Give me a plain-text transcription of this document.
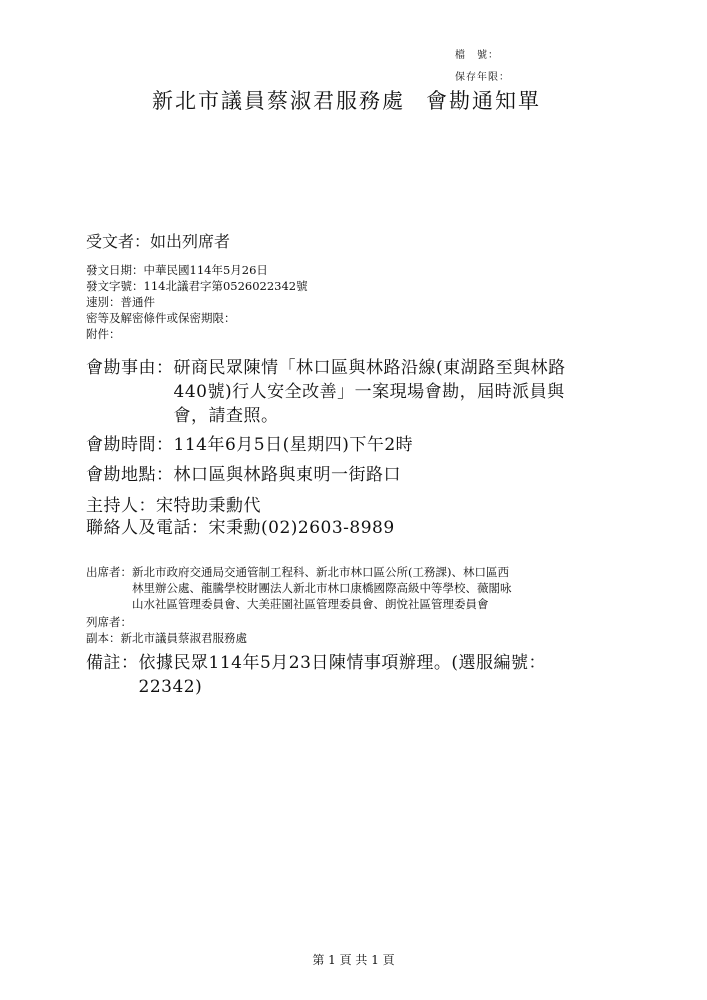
檔　號：
保存年限：
新北市議員蔡淑君服務處 會勘通知單
受文者：如出列席者
發文日期：中華民國114年5月26日
發文字號：114北議君字第0526022342號
速別：普通件
密等及解密條件或保密期限：
附件：
會勘事由： 研商民眾陳情「林口區與林路沿線(東湖路至與林路
440號)行人安全改善」一案現場會勘，屆時派員與
會，請查照。
會勘時間：114年6月5日(星期四)下午2時
會勘地點：林口區與林路與東明一街路口
主持人：宋特助秉勳代
聯絡人及電話：宋秉勳(02)2603-8989
出席者： 新北市政府交通局交通管制工程科、新北市林口區公所(工務課)、林口區西
林里辦公處、龍騰學校財團法人新北市林口康橋國際高級中等學校、薇閣咏
山水社區管理委員會、大美莊園社區管理委員會、朗悅社區管理委員會
列席者：
副本：新北市議員蔡淑君服務處
備註： 依據民眾114年5月23日陳情事項辦理。(選服編號：
22342)
第 1 頁 共 1 頁
